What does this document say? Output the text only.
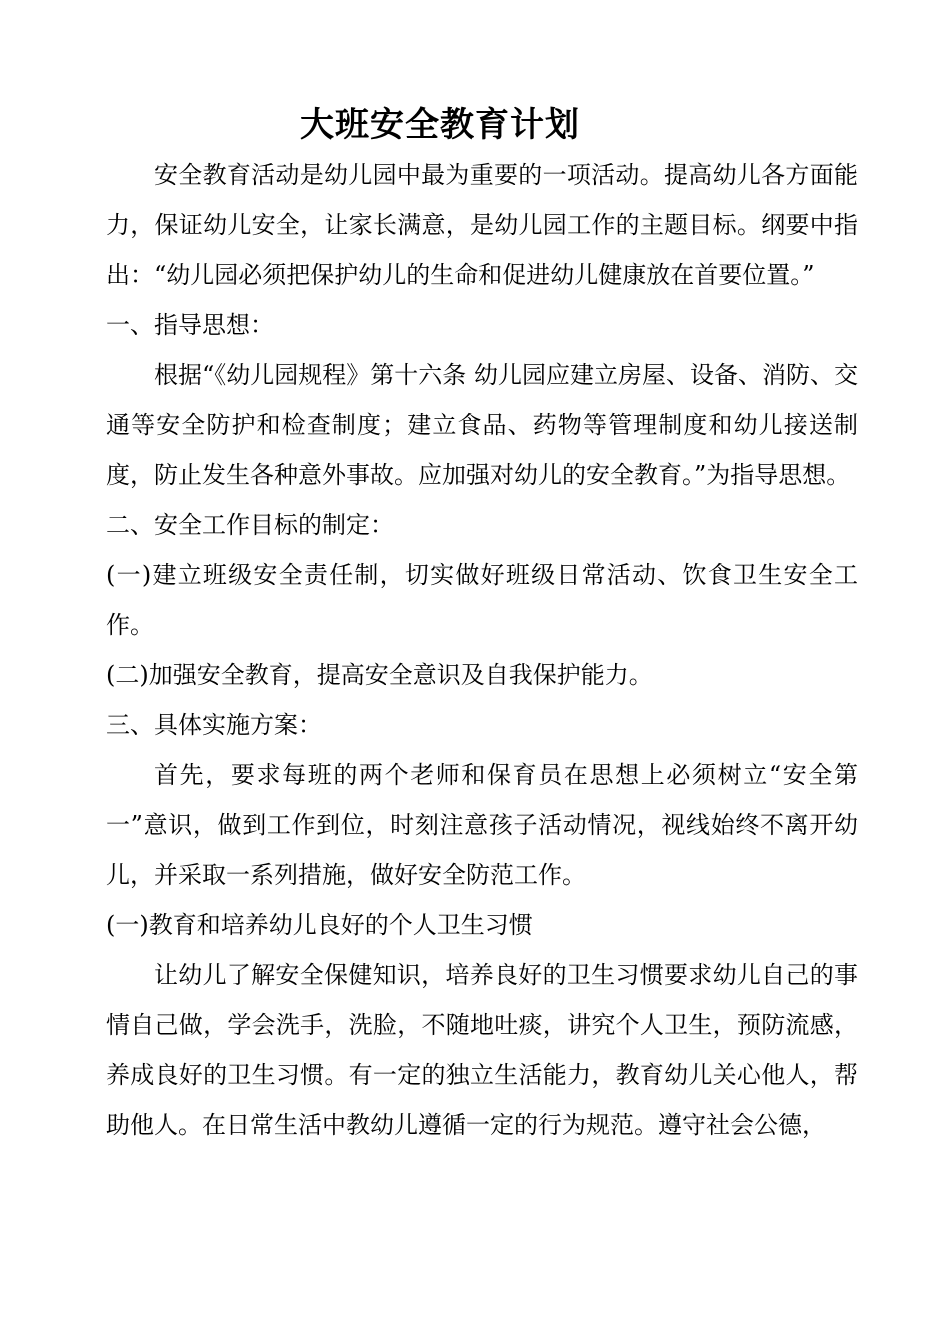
大班安全教育计划

安全教育活动是幼儿园中最为重要的一项活动。提高幼儿各方面能力，保证幼儿安全，让家长满意，是幼儿园工作的主题目标。纲要中指出：“幼儿园必须把保护幼儿的生命和促进幼儿健康放在首要位置。”

一、指导思想：

根据“《幼儿园规程》第十六条 幼儿园应建立房屋、设备、消防、交通等安全防护和检查制度；建立食品、药物等管理制度和幼儿接送制度，防止发生各种意外事故。应加强对幼儿的安全教育。”为指导思想。

二、安全工作目标的制定：

(一)建立班级安全责任制，切实做好班级日常活动、饮食卫生安全工作。

(二)加强安全教育，提高安全意识及自我保护能力。

三、具体实施方案：

首先，要求每班的两个老师和保育员在思想上必须树立“安全第一”意识，做到工作到位，时刻注意孩子活动情况，视线始终不离开幼儿，并采取一系列措施，做好安全防范工作。

(一)教育和培养幼儿良好的个人卫生习惯

让幼儿了解安全保健知识，培养良好的卫生习惯要求幼儿自己的事情自己做，学会洗手，洗脸，不随地吐痰，讲究个人卫生，预防流感，养成良好的卫生习惯。有一定的独立生活能力，教育幼儿关心他人，帮助他人。在日常生活中教幼儿遵循一定的行为规范。遵守社会公德，
